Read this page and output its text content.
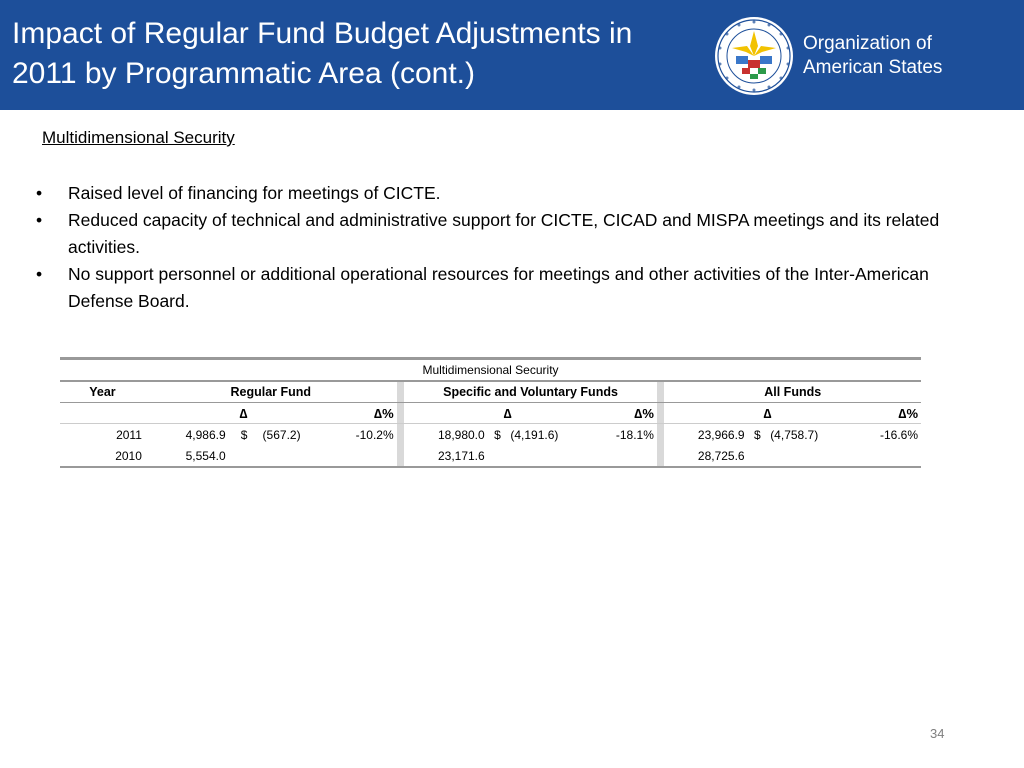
Impact of Regular Fund Budget Adjustments in
2011 by Programmatic Area (cont.)
Organization of
American States
Multidimensional Security
• Raised level of financing for meetings of CICTE.
• Reduced capacity of technical and administrative support for CICTE, CICAD and MISPA meetings and its related activities.
• No support personnel or additional operational resources for meetings and other activities of the Inter-American Defense Board.
Multidimensional Security														
Year	Regular Fund					Specific and Voluntary Funds					All Funds			
		∆		∆%			∆		∆%			∆		∆%
2011	4,986.9	$	(567.2)	-10.2%		18,980.0	$	(4,191.6)	-18.1%		23,966.9	$	(4,758.7)	-16.6%
2010	5,554.0					23,171.6					28,725.6			
34
